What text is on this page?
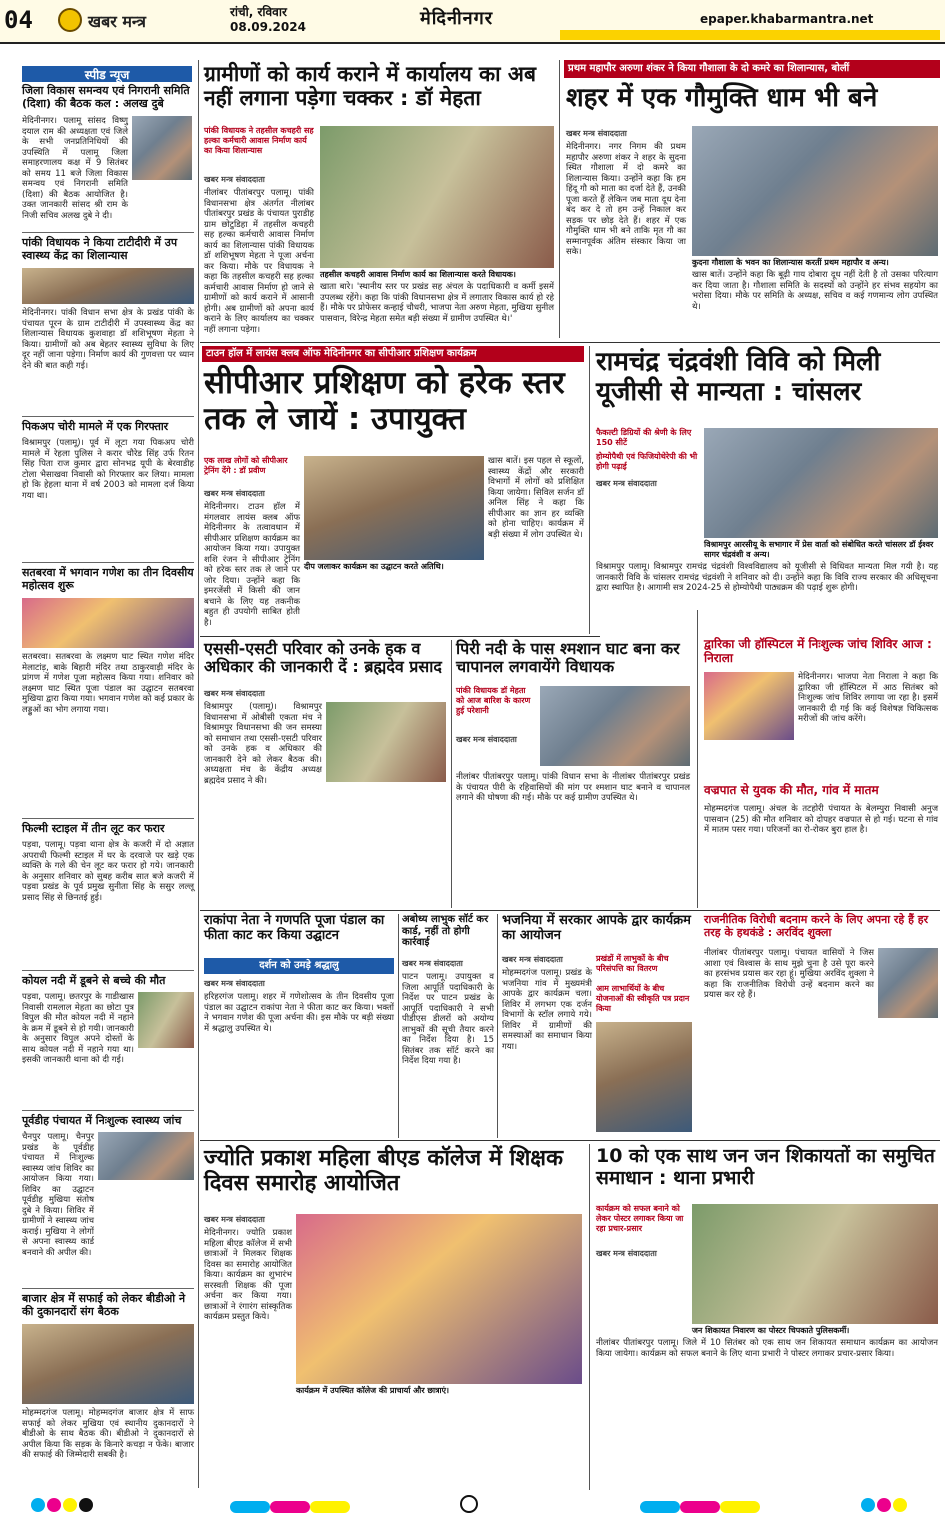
04	खबर मन्त्र	रांची, रविवार
08.09.2024	मेदिनीनगर	epaper.khabarmantra.net
स्पीड न्यूज
जिला विकास समन्वय एवं निगरानी समिति (दिशा) की बैठक कल : अलख दुबे
मेदिनीनगर। पलामू सांसद विष्णु दयाल राम की अध्यक्षता एवं जिले के सभी जनप्रतिनिधियों की उपस्थिति में पलामू जिला समाहरणालय कक्ष में 9 सितंबर को समय 11 बजे जिला विकास समन्वय एवं निगरानी समिति (दिशा) की बैठक आयोजित है। उक्त जानकारी सांसद श्री राम के निजी सचिव अलख दुबे ने दी।
पांकी विधायक ने किया टाटीदीरी में उप स्वास्थ्य केंद्र का शिलान्यास
मेदिनीनगर। पांकी विधान सभा क्षेत्र के प्रखंड पांकी के पंचायत पूरन के ग्राम टाटीदीरी में उपस्वास्थ्य केंद्र का शिलान्यास विधायक कुशवाहा डॉ शशिभूषण मेहता ने किया। ग्रामीणों को अब बेहतर स्वास्थ्य सुविधा के लिए दूर नहीं जाना पड़ेगा। निर्माण कार्य की गुणवत्ता पर ध्यान देने की बात कही गई।
पिकअप चोरी मामले में एक गिरफ्तार
विश्रामपुर (पलामू)। पूर्व में लूटा गया पिकअप चोरी मामले में रेहला पुलिस ने करार चौरेड सिंह उर्फ रितन सिंह पिता राज कुमार द्वारा सोनभद्र यूपी के बेरवाडीह टोला भैसाखवा निवासी को गिरफ्तार कर लिया। मामला हो कि हेहला थाना में वर्ष 2003 को मामला दर्ज किया गया था।
सतबरवा में भगवान गणेश का तीन दिवसीय महोत्सव शुरू
सतबरवा। सतबरवा के लक्ष्मण घाट स्थित गणेश मंदिर मेलाटांड़, बाके बिहारी मंदिर तथा ठाकुरवाड़ी मंदिर के प्रांगण में गणेश पूजा महोत्सव किया गया। शनिवार को लक्ष्मण घाट स्थित पूजा पंडाल का उद्घाटन सतबरवा मुखिया द्वारा किया गया। भगवान गणेश को कई प्रकार के लड्डुओं का भोग लगाया गया।
फिल्मी स्टाइल में तीन लूट कर फरार
पड़वा, पलामू। पड़वा थाना क्षेत्र के कजरी में दो अज्ञात अपराधी फिल्मी स्टाइल में घर के दरवाजे पर खड़े एक व्यक्ति के गले की चेन लूट कर फरार हो गये। जानकारी के अनुसार शनिवार को सुबह करीब सात बजे कजरी में पड़वा प्रखंड के पूर्व प्रमुख सुनीता सिंह के ससुर लल्लू प्रसाद सिंह से छिनतई हुई।
कोयल नदी में डूबने से बच्चे की मौत
पड़वा, पलामू। छतरपुर के गाडीखास निवासी रामलाल मेहता का छोटा पुत्र विपुल की मौत कोयल नदी में नहाने के क्रम में डूबने से हो गयी। जानकारी के अनुसार विपुल अपने दोस्तों के साथ कोयल नदी में नहाने गया था। इसकी जानकारी थाना को दी गई।
पूर्वडीह पंचायत में निःशुल्क स्वास्थ्य जांच
चैनपुर पलामू। चैनपुर प्रखंड के पूर्वडीह पंचायत में निःशुल्क स्वास्थ्य जांच शिविर का आयोजन किया गया। शिविर का उद्घाटन पूर्वडीह मुखिया संतोष दुबे ने किया। शिविर में ग्रामीणों ने स्वास्थ्य जांच कराई। मुखिया ने लोगों से अपना स्वास्थ्य कार्ड बनवाने की अपील की।
बाजार क्षेत्र में सफाई को लेकर बीडीओ ने की दुकानदारों संग बैठक
मोहम्मदगंज पलामू। मोहम्मदगंज बाजार क्षेत्र में साफ सफाई को लेकर मुखिया एवं स्थानीय दुकानदारों ने बीडीओ के साथ बैठक की। बीडीओ ने दुकानदारों से अपील किया कि सड़क के किनारे कचड़ा न फेंके। बाजार की सफाई की जिम्मेदारी सबकी है।
ग्रामीणों को कार्य कराने में कार्यालय का अब नहीं लगाना पड़ेगा चक्कर : डॉ मेहता
पांकी विधायक ने तहसील कचहरी सह हल्का कर्मचारी आवास निर्माण कार्य का किया शिलान्यास
खबर मन्त्र संवाददाता
नीलांबर पीतांबरपुर पलामू। पांकी विधानसभा क्षेत्र अंतर्गत नीलांबर पीतांबरपुर प्रखंड के पंचायत पुराडीह ग्राम छोटुडिहा में तहसील कचहरी सह हल्का कर्मचारी आवास निर्माण कार्य का शिलान्यास पांकी विधायक डॉ शशिभूषण मेहता ने पूजा अर्चना कर किया। मौके पर विधायक ने कहा कि तहसील कचहरी सह हल्का कर्मचारी आवास निर्माण हो जाने से ग्रामीणों को कार्य कराने में आसानी होगी। अब ग्रामीणों को अपना कार्य कराने के लिए कार्यालय का चक्कर नहीं लगाना पड़ेगा।
तहसील कचहरी आवास निर्माण कार्य का शिलान्यास करते विधायक।
खाता बारे। 'स्थानीय स्तर पर प्रखंड सह अंचल के पदाधिकारी व कर्मी इसमें उपलब्ध रहेंगे। कहा कि पांकी विधानसभा क्षेत्र में लगातार विकास कार्य हो रहे हैं। मौके पर प्रोफेसर कन्हाई चौधरी, भाजपा नेता अरुण मेहता, मुखिया सुनील पासवान, विरेन्द्र मेहता समेत बड़ी संख्या में ग्रामीण उपस्थित थे।'
प्रथम महापौर अरुणा शंकर ने किया गौशाला के दो कमरे का शिलान्यास, बोलीं
शहर में एक गौमुक्ति धाम भी बने
खबर मन्त्र संवाददाता
मेदिनीनगर। नगर निगम की प्रथम महापौर अरुणा शंकर ने शहर के सुदना स्थित गौशाला में दो कमरे का शिलान्यास किया। उन्होंने कहा कि हम हिंदू गौ को माता का दर्जा देते हैं, उनकी पूजा करते हैं लेकिन जब माता दूध देना बंद कर दे तो हम उन्हें निकाल कर सड़क पर छोड़ देते हैं। शहर में एक गौमुक्ति धाम भी बने ताकि मृत गौ का सम्मानपूर्वक अंतिम संस्कार किया जा सके।
कुदना गौशाला के भवन का शिलान्यास करतीं प्रथम महापौर व अन्य।
खास बातें। उन्होंने कहा कि बूढ़ी गाय दोबारा दूध नहीं देती है तो उसका परित्याग कर दिया जाता है। गौशाला समिति के सदस्यों को उन्होंने हर संभव सहयोग का भरोसा दिया। मौके पर समिति के अध्यक्ष, सचिव व कई गणमान्य लोग उपस्थित थे।
टाउन हॉल में लायंस क्लब ऑफ मेदिनीनगर का सीपीआर प्रशिक्षण कार्यक्रम
सीपीआर प्रशिक्षण को हरेक स्तर तक ले जायें : उपायुक्त
एक लाख लोगों को सीपीआर ट्रेनिंग देंगे : डॉ प्रवीण
खबर मन्त्र संवाददाता
मेदिनीनगर। टाउन हॉल में मंगलवार लायंस क्लब ऑफ मेदिनीनगर के तत्वावधान में सीपीआर प्रशिक्षण कार्यक्रम का आयोजन किया गया। उपायुक्त शशि रंजन ने सीपीआर ट्रेनिंग को हरेक स्तर तक ले जाने पर जोर दिया। उन्होंने कहा कि इमरजेंसी में किसी की जान बचाने के लिए यह तकनीक बहुत ही उपयोगी साबित होती है।
दीप जलाकर कार्यक्रम का उद्घाटन करते अतिथि।
खास बातें। इस पहल से स्कूलों, स्वास्थ्य केंद्रों और सरकारी विभागों में लोगों को प्रशिक्षित किया जायेगा। सिविल सर्जन डॉ अनिल सिंह ने कहा कि सीपीआर का ज्ञान हर व्यक्ति को होना चाहिए। कार्यक्रम में बड़ी संख्या में लोग उपस्थित थे।
रामचंद्र चंद्रवंशी विवि को मिली यूजीसी से मान्यता : चांसलर
फैकल्टी डिग्रियों की श्रेणी के लिए 150 सीटें
होम्योपैथी एवं फिजियोथेरेपी की भी होगी पढ़ाई
खबर मन्त्र संवाददाता
विश्रामपुर आरसीयू के सभागार में प्रेस वार्ता को संबोधित करते चांसलर डॉ ईश्वर सागर चंद्रवंशी व अन्य।
विश्रामपुर पलामू। विश्रामपुर रामचंद्र चंद्रवंशी विश्वविद्यालय को यूजीसी से विधिवत मान्यता मिल गयी है। यह जानकारी विवि के चांसलर रामचंद्र चंद्रवंशी ने शनिवार को दी। उन्होंने कहा कि विवि राज्य सरकार की अधिसूचना द्वारा स्थापित है। आगामी सत्र 2024-25 से होम्योपैथी पाठ्यक्रम की पढ़ाई शुरू होगी।
एससी-एसटी परिवार को उनके हक व अधिकार की जानकारी दें : ब्रह्मदेव प्रसाद
खबर मन्त्र संवाददाता
विश्रामपुर (पलामू)। विश्रामपुर विधानसभा में ओबीसी एकता मंच ने विश्रामपुर विधानसभा की जन समस्या को समाधान तथा एससी-एसटी परिवार को उनके हक व अधिकार की जानकारी देने को लेकर बैठक की। अध्यक्षता मंच के केंद्रीय अध्यक्ष ब्रह्मदेव प्रसाद ने की।
पिरी नदी के पास श्मशान घाट बना कर चापानल लगवायेंगे विधायक
पांकी विधायक डॉ मेहता को आज बारिश के कारण हुई परेशानी
खबर मन्त्र संवाददाता
नीलांबर पीतांबरपुर पलामू। पांकी विधान सभा के नीलांबर पीतांबरपुर प्रखंड के पंचायत पीरी के रहिवासियों की मांग पर श्मशान घाट बनाने व चापानल लगाने की घोषणा की गई। मौके पर कई ग्रामीण उपस्थित थे।
द्वारिका जी हॉस्पिटल में निःशुल्क जांच शिविर आज : निराला
मेदिनीनगर। भाजपा नेता निराला ने कहा कि द्वारिका जी हॉस्पिटल में आठ सितंबर को निःशुल्क जांच शिविर लगाया जा रहा है। इसमें जानकारी दी गई कि कई विशेषज्ञ चिकित्सक मरीजों की जांच करेंगे।
वज्रपात से युवक की मौत, गांव में मातम
मोहम्मदगंज पलामू। अंचल के तटहोरी पंचायत के बेलम्पुरा निवासी अनुज पासवान (25) की मौत शनिवार को दोपहर वज्रपात से हो गई। घटना से गांव में मातम पसर गया। परिजनों का रो-रोकर बुरा हाल है।
राकांपा नेता ने गणपति पूजा पंडाल का फीता काट कर किया उद्घाटन
दर्शन को उमड़े श्रद्धालु
खबर मन्त्र संवाददाता
हरिहरगंज पलामू। शहर में गणेशोत्सव के तीन दिवसीय पूजा पंडाल का उद्घाटन राकांपा नेता ने फीता काट कर किया। भक्तों ने भगवान गणेश की पूजा अर्चना की। इस मौके पर बड़ी संख्या में श्रद्धालु उपस्थित थे।
अबोध्य लाभुक सॉर्ट कर कार्ड, नहीं तो होगी कार्रवाई
खबर मन्त्र संवाददाता
पाटन पलामू। उपायुक्त व जिला आपूर्ति पदाधिकारी के निर्देश पर पाटन प्रखंड के आपूर्ति पदाधिकारी ने सभी पीडीएस डीलरों को अयोग्य लाभुकों की सूची तैयार करने का निर्देश दिया है। 15 सितंबर तक सॉर्ट करने का निर्देश दिया गया है।
भजनिया में सरकार आपके द्वार कार्यक्रम का आयोजन
खबर मन्त्र संवाददाता
मोहम्मदगंज पलामू। प्रखंड के भजनिया गांव में मुख्यमंत्री आपके द्वार कार्यक्रम चला। शिविर में लगभग एक दर्जन विभागों के स्टॉल लगाये गये। शिविर में ग्रामीणों की समस्याओं का समाधान किया गया।
प्रखंडों में लाभुकों के बीच परिसंपत्ति का वितरण
आम लाभार्थियों के बीच योजनाओं की स्वीकृति पत्र प्रदान किया
राजनीतिक विरोधी बदनाम करने के लिए अपना रहे हैं हर तरह के हथकंडे : अरविंद शुक्ला
नीलांबर पीतांबरपुर पलामू। पंचायत वासियों ने जिस आशा एवं विश्वास के साथ मुझे चुना है उसे पूरा करने का हरसंभव प्रयास कर रहा हूं। मुखिया अरविंद शुक्ला ने कहा कि राजनीतिक विरोधी उन्हें बदनाम करने का प्रयास कर रहे हैं।
ज्योति प्रकाश महिला बीएड कॉलेज में शिक्षक दिवस समारोह आयोजित
खबर मन्त्र संवाददाता
मेदिनीनगर। ज्योति प्रकाश महिला बीएड कॉलेज में सभी छात्राओं ने मिलकर शिक्षक दिवस का समारोह आयोजित किया। कार्यक्रम का शुभारंभ सरस्वती शिक्षक की पूजा अर्चना कर किया गया। छात्राओं ने रंगारंग सांस्कृतिक कार्यक्रम प्रस्तुत किये।
कार्यक्रम में उपस्थित कॉलेज की प्राचार्या और छात्राएं।
10 को एक साथ जन जन शिकायतों का समुचित समाधान : थाना प्रभारी
कार्यक्रम को सफल बनाने को लेकर पोस्टर लगाकर किया जा रहा प्रचार-प्रसार
खबर मन्त्र संवाददाता
जन शिकायत निवारण का पोस्टर चिपकाते पुलिसकर्मी।
नीलांबर पीतांबरपुर पलामू। जिले में 10 सितंबर को एक साथ जन शिकायत समाधान कार्यक्रम का आयोजन किया जायेगा। कार्यक्रम को सफल बनाने के लिए थाना प्रभारी ने पोस्टर लगाकर प्रचार-प्रसार किया।
